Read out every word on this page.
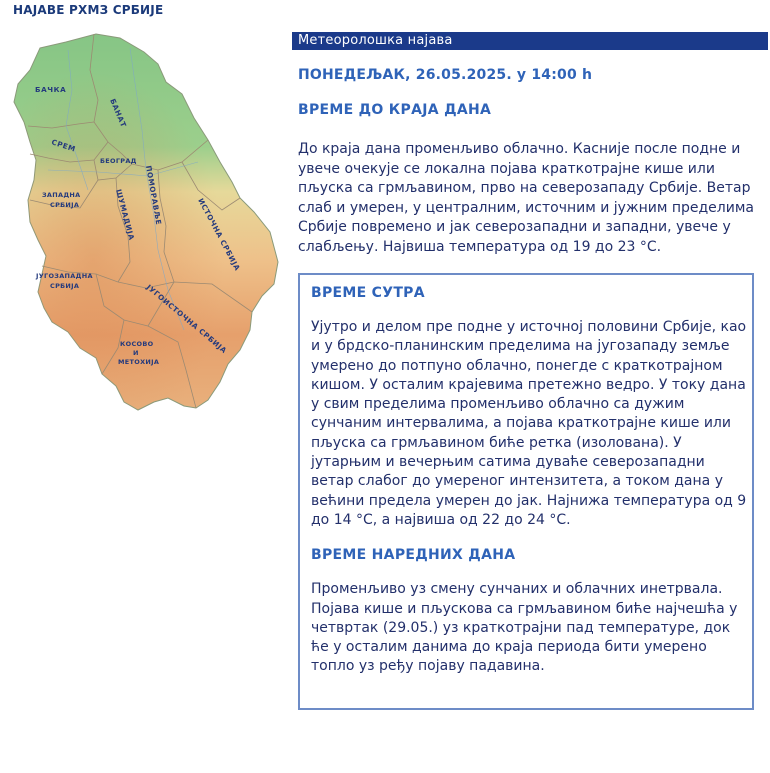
НАЈАВЕ РХМЗ СРБИЈЕ
БАЧКА
БАНАТ
СРЕМ
БЕОГРАД
ЗАПАДНА
СРБИЈА	ШУМАДИЈА ПОМОРАВЉЕ
ИСТОЧНА СРБИЈА
ЈУГОЗАПАДНА
СРБИЈА	ЈУГОИСТОЧНА СРБИЈА
КОСОВО
И
МЕТОХИЈА
Метеоролошка најава
ПОНЕДЕЉАК, 26.05.2025. у 14:00 h
ВРЕМЕ ДО КРАЈА ДАНА
До краја дана променљиво облачно. Касније после подне и увече очекује се локална појава краткотрајне кише или пљуска са грмљавином, прво на северозападу Србије. Ветар слаб и умерен, у централним, источним и јужним пределима Србије повремено и јак северозападни и западни, увече у слабљењу. Највиша температура од 19 до 23 °C.
ВРЕМЕ СУТРА
Ујутро и делом пре подне у источној половини Србије, као и у брдско-планинским пределима на југозападу земље умерено до потпуно облачно, понегде с краткотрајном кишом. У осталим крајевима претежно ведро. У току дана у свим пределима променљиво облачно са дужим сунчаним интервалима, а појава краткотрајне кише или пљуска са грмљавином биће ретка (изолована). У јутарњим и вечерњим сатима дуваће северозападни ветар слабог до умереног интензитета, а током дана у већини предела умерен до јак. Најнижа температура од 9 до 14 °C, а највиша од 22 до 24 °C.
ВРЕМЕ НАРЕДНИХ ДАНА
Променљиво уз смену сунчаних и облачних инетрвала. Појава кише и пљускова са грмљавином биће најчешћа у четвртак (29.05.) уз краткотрајни пад температуре, док ће у осталим данима до краја периода бити умерено топло уз ређу појаву падавина.
